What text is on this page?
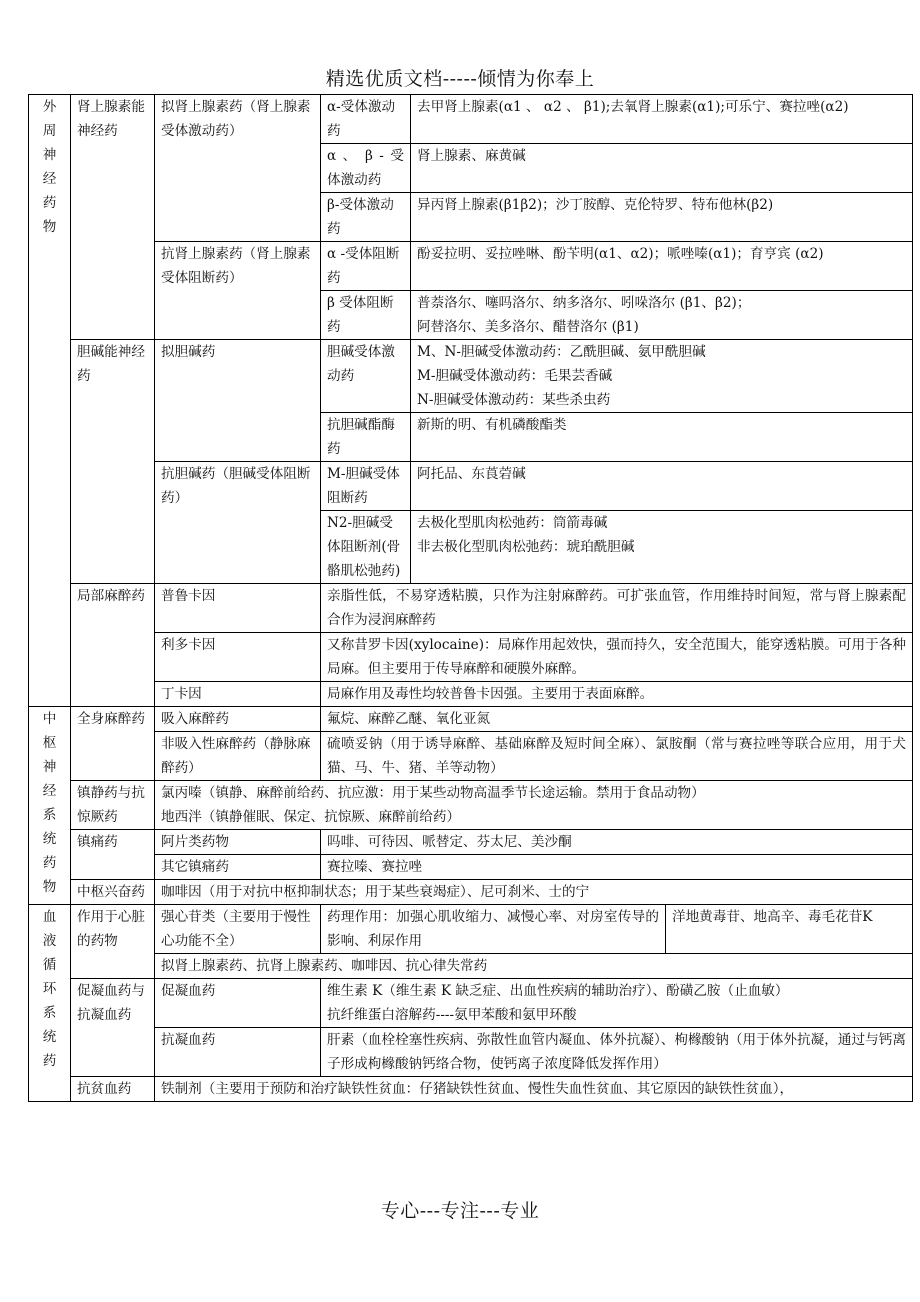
精选优质文档-----倾情为你奉上
外周神经药物	肾上腺素能神经药	拟肾上腺素药（肾上腺素受体激动药）	α-受体激动药	去甲肾上腺素(α1 、 α2 、 β1);去氧肾上腺素(α1);可乐宁、赛拉唑(α2)	
			α 、 β - 受体激动药	肾上腺素、麻黄碱	
			β-受体激动药	异丙肾上腺素(β1β2)；沙丁胺醇、克伦特罗、特布他林(β2)	
		抗肾上腺素药（肾上腺素受体阻断药）	α -受体阻断药	酚妥拉明、妥拉唑啉、酚苄明(α1、α2)；哌唑嗪(α1)；育亨宾 (α2)	

			β 受体阻断药	普萘洛尔、噻吗洛尔、纳多洛尔、吲哚洛尔 (β1、β2)；
阿替洛尔、美多洛尔、醋替洛尔 (β1)	

	胆碱能神经药	拟胆碱药	胆碱受体激动药	M、N-胆碱受体激动药：乙酰胆碱、氨甲酰胆碱
M-胆碱受体激动药：毛果芸香碱
N-胆碱受体激动药：某些杀虫药	

			抗胆碱酯酶药	新斯的明、有机磷酸酯类	
		抗胆碱药（胆碱受体阻断药）	M-胆碱受体阻断药	阿托品、东莨菪碱	
			N2-胆碱受体阻断剂(骨骼肌松弛药)	去极化型肌肉松弛药：筒箭毒碱
非去极化型肌肉松弛药：琥珀酰胆碱	

	局部麻醉药	普鲁卡因	亲脂性低，不易穿透粘膜，只作为注射麻醉药。可扩张血管，作用维持时间短，常与肾上腺素配合作为浸润麻醉药		
		利多卡因	又称昔罗卡因(xylocaine)：局麻作用起效快，强而持久，安全范围大，能穿透粘膜。可用于各种局麻。但主要用于传导麻醉和硬膜外麻醉。		
		丁卡因	局麻作用及毒性均较普鲁卡因强。主要用于表面麻醉。		

中枢神经系统药物	全身麻醉药	吸入麻醉药	氟烷、麻醉乙醚、氧化亚氮		
		非吸入性麻醉药（静脉麻醉药）	硫喷妥钠（用于诱导麻醉、基础麻醉及短时间全麻）、氯胺酮（常与赛拉唑等联合应用，用于犬猫、马、牛、猪、羊等动物）		
	镇静药与抗惊厥药	氯丙嗪（镇静、麻醉前给药、抗应激：用于某些动物高温季节长途运输。禁用于食品动物）
地西泮（镇静催眠、保定、抗惊厥、麻醉前给药）			

	镇痛药	阿片类药物	吗啡、可待因、哌替定、芬太尼、美沙酮		
		其它镇痛药	赛拉嗪、赛拉唑		
	中枢兴奋药	咖啡因（用于对抗中枢抑制状态；用于某些衰竭症）、尼可刹米、士的宁			

血液循环系统药	作用于心脏的药物	强心苷类（主要用于慢性心功能不全）	药理作用：加强心肌收缩力、减慢心率、对房室传导的影响、利尿作用		洋地黄毒苷、地高辛、毒毛花苷K
		拟肾上腺素药、抗肾上腺素药、咖啡因、抗心律失常药			
	促凝血药与抗凝血药	促凝血药	维生素 K（维生素 K 缺乏症、出血性疾病的辅助治疗）、酚磺乙胺（止血敏）
抗纤维蛋白溶解药----氨甲苯酸和氨甲环酸		

		抗凝血药	肝素（血栓栓塞性疾病、弥散性血管内凝血、体外抗凝）、枸橼酸钠（用于体外抗凝，通过与钙离子形成枸橼酸钠钙络合物，使钙离子浓度降低发挥作用）		
	抗贫血药	铁制剂（主要用于预防和治疗缺铁性贫血：仔猪缺铁性贫血、慢性失血性贫血、其它原因的缺铁性贫血），			
专心---专注---专业
